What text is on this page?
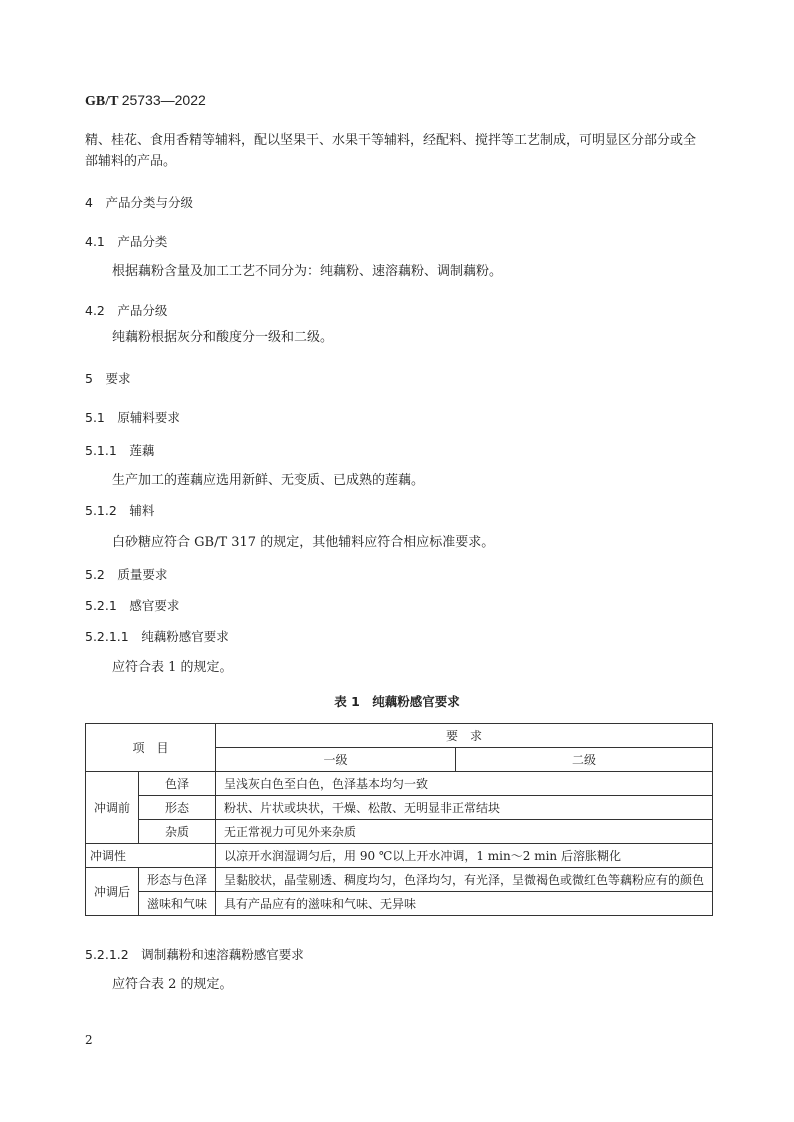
GB/T 25733—2022
精、桂花、食用香精等辅料，配以坚果干、水果干等辅料，经配料、搅拌等工艺制成，可明显区分部分或全
部辅料的产品。
4　 产品分类与分级
4.1　 产品分类
根据藕粉含量及加工工艺不同分为：纯藕粉、速溶藕粉、调制藕粉。
4.2　 产品分级
纯藕粉根据灰分和酸度分一级和二级。
5　 要求
5.1　 原辅料要求
5.1.1　 莲藕
生产加工的莲藕应选用新鲜、无变质、已成熟的莲藕。
5.1.2　 辅料
白砂糖应符合 GB/T 317 的规定，其他辅料应符合相应标准要求。
5.2　 质量要求
5.2.1　 感官要求
5.2.1.1　 纯藕粉感官要求
应符合表 1 的规定。
表 1　纯藕粉感官要求
项　目		要　求	
		一级	二级
冲调前	色泽	呈浅灰白色至白色，色泽基本均匀一致	
	形态	粉状、片状或块状，干燥、松散、无明显非正常结块	
	杂质	无正常视力可见外来杂质	
冲调性		以凉开水润湿调匀后，用 90 ℃以上开水冲调，1 min～2 min 后溶胀糊化	
冲调后	形态与色泽	呈黏胶状，晶莹剔透、稠度均匀，色泽均匀，有光泽，呈微褐色或微红色等藕粉应有的颜色	
	滋味和气味	具有产品应有的滋味和气味、无异味	
5.2.1.2　 调制藕粉和速溶藕粉感官要求
应符合表 2 的规定。
2
